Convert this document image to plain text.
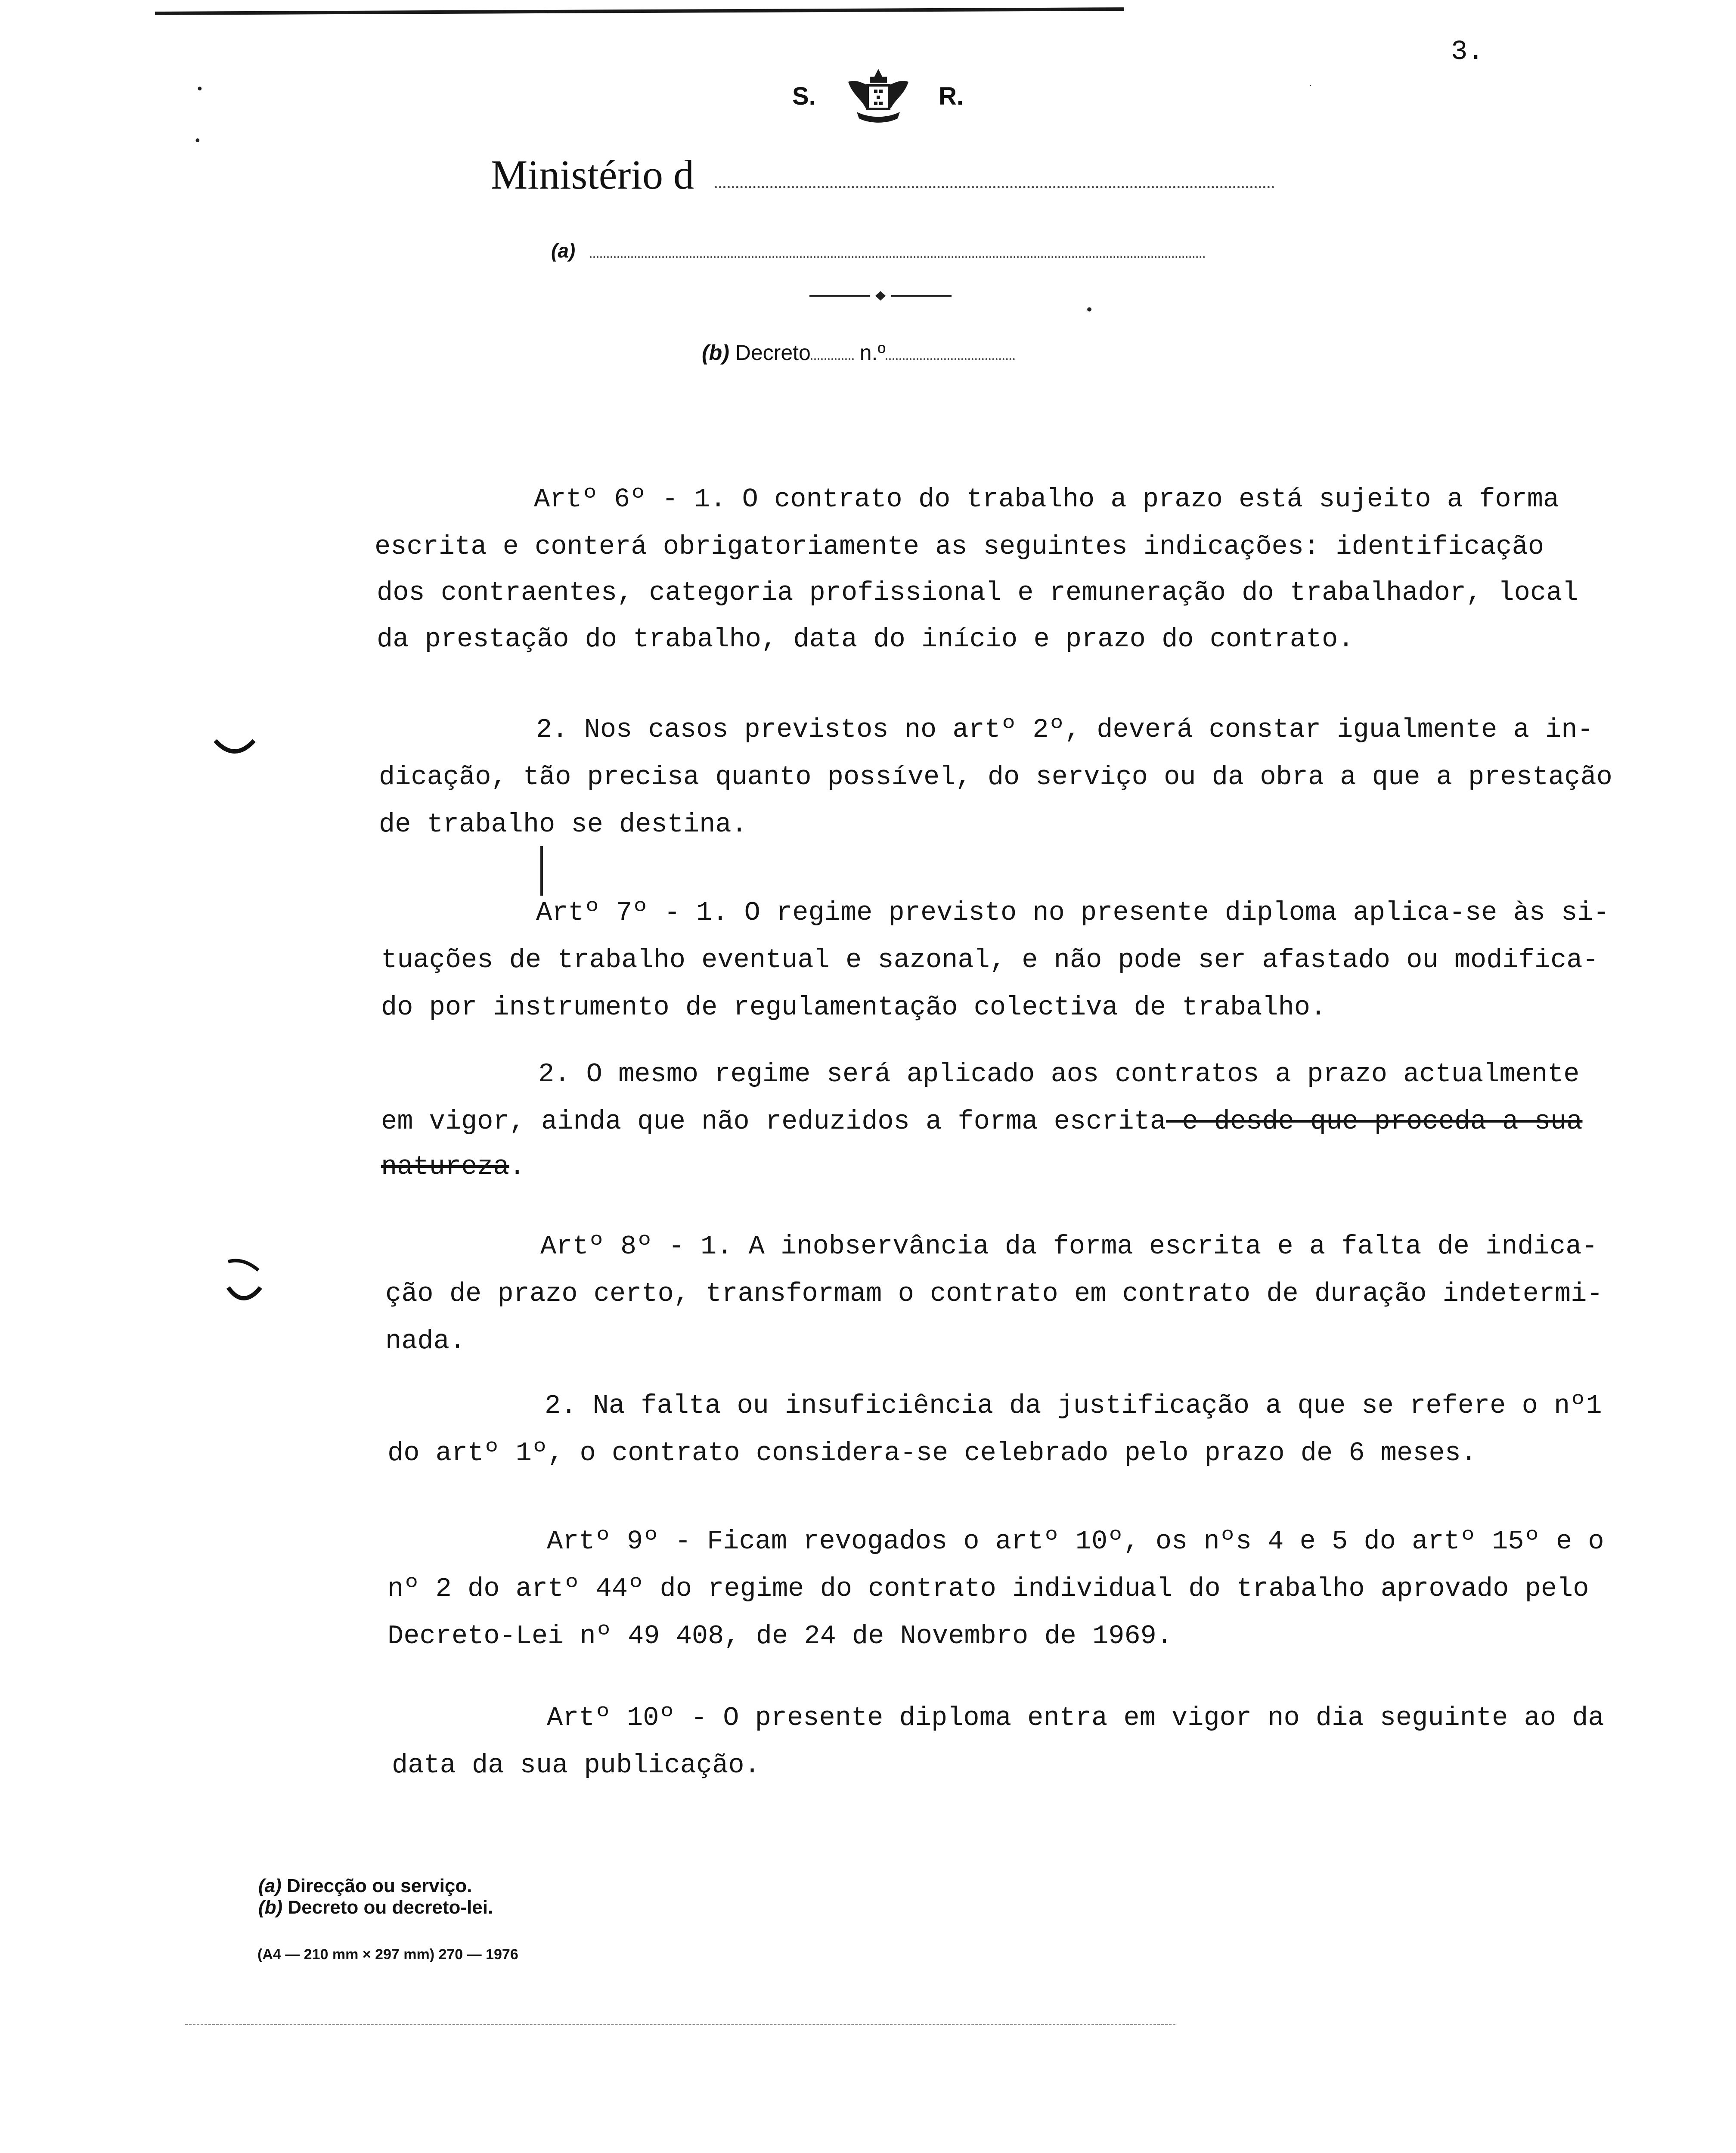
3.
S.	R.
Ministério d
(a)
(b) Decreto n.º
Artº 6º - 1. O contrato do trabalho a prazo está sujeito a forma
escrita e conterá obrigatoriamente as seguintes indicações: identificação
dos contraentes, categoria profissional e remuneração do trabalhador, local
da prestação do trabalho, data do início e prazo do contrato.
2. Nos casos previstos no artº 2º, deverá constar igualmente a in-
dicação, tão precisa quanto possível, do serviço ou da obra a que a prestação
de trabalho se destina.
Artº 7º - 1. O regime previsto no presente diploma aplica-se às si-
tuações de trabalho eventual e sazonal, e não pode ser afastado ou modifica-
do por instrumento de regulamentação colectiva de trabalho.
2. O mesmo regime será aplicado aos contratos a prazo actualmente
em vigor, ainda que não reduzidos a forma escrita e desde que proceda a sua
natureza.
Artº 8º - 1. A inobservância da forma escrita e a falta de indica-
ção de prazo certo, transformam o contrato em contrato de duração indetermi-
nada.
2. Na falta ou insuficiência da justificação a que se refere o nº1
do artº 1º, o contrato considera-se celebrado pelo prazo de 6 meses.
Artº 9º - Ficam revogados o artº 10º, os nºs 4 e 5 do artº 15º e o
nº 2 do artº 44º do regime do contrato individual do trabalho aprovado pelo
Decreto-Lei nº 49 408, de 24 de Novembro de 1969.
Artº 10º - O presente diploma entra em vigor no dia seguinte ao da
data da sua publicação.
(a) Direcção ou serviço.
(b) Decreto ou decreto-lei.
(A4 — 210 mm × 297 mm) 270 — 1976
•
•
·
•
